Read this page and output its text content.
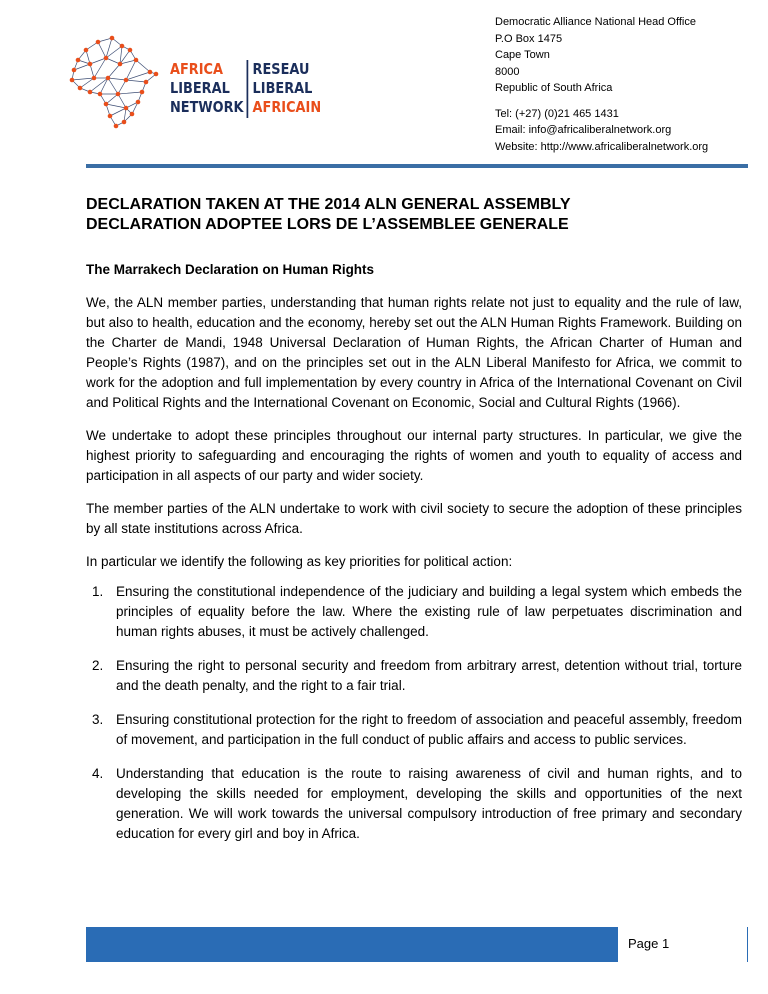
AFRICA
LIBERAL
NETWORK
RESEAU
LIBERAL
AFRICAIN
Democratic Alliance National Head Office
P.O Box 1475
Cape Town
8000
Republic of South Africa
Tel: (+27) (0)21 465 1431
Email: info@africaliberalnetwork.org
Website: http://www.africaliberalnetwork.org
DECLARATION TAKEN AT THE 2014 ALN GENERAL ASSEMBLY
DECLARATION ADOPTEE LORS DE L’ASSEMBLEE GENERALE
The Marrakech Declaration on Human Rights

We, the ALN member parties, understanding that human rights relate not just to equality and the rule of law, but also to health, education and the economy, hereby set out the ALN Human Rights Framework. Building on the Charter de Mandi, 1948 Universal Declaration of Human Rights, the African Charter of Human and People’s Rights (1987), and on the principles set out in the ALN Liberal Manifesto for Africa, we commit to work for the adoption and full implementation by every country in Africa of the International Covenant on Civil and Political Rights and the International Covenant on Economic, Social and Cultural Rights (1966).

We undertake to adopt these principles throughout our internal party structures. In particular, we give the highest priority to safeguarding and encouraging the rights of women and youth to equality of access and participation in all aspects of our party and wider society.

The member parties of the ALN undertake to work with civil society to secure the adoption of these principles by all state institutions across Africa.

In particular we identify the following as key priorities for political action:

1. Ensuring the constitutional independence of the judiciary and building a legal system which embeds the principles of equality before the law. Where the existing rule of law perpetuates discrimination and human rights abuses, it must be actively challenged.
2. Ensuring the right to personal security and freedom from arbitrary arrest, detention without trial, torture and the death penalty, and the right to a fair trial.
3. Ensuring constitutional protection for the right to freedom of association and peaceful assembly, freedom of movement, and participation in the full conduct of public affairs and access to public services.
4. Understanding that education is the route to raising awareness of civil and human rights, and to developing the skills needed for employment, developing the skills and opportunities of the next generation. We will work towards the universal compulsory introduction of free primary and secondary education for every girl and boy in Africa.
Page 1
